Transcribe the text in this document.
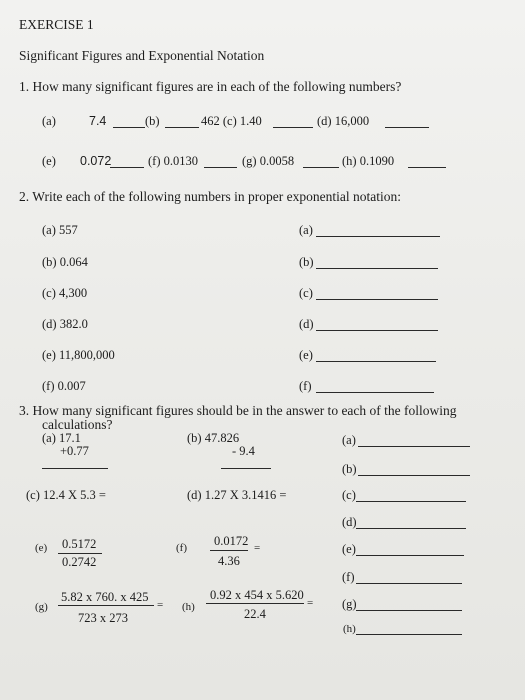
EXERCISE 1
Significant Figures and Exponential Notation
1. How many significant figures are in each of the following numbers?
(a)	7.4	(b)	462 (c) 1.40	(d) 16,000
(e) 0.072	(f) 0.0130	(g) 0.0058	(h) 0.1090
2. Write each of the following numbers in proper exponential notation:
(a) 557	(a)
(b) 0.064	(b)
(c) 4,300	(c)
(d) 382.0	(d)
(e) 11,800,000	(e)
(f) 0.007	(f)
3. How many significant figures should be in the answer to each of the following
calculations?
(a) 17.1
+0.77
(b) 47.826
- 9.4
(c) 12.4 X 5.3 =	(d) 1.27 X 3.1416 =
(e) 0.5172
0.2742
(f) 0.0172
4.36
=
(g)
5.82 x 760. x 425
723 x 273
= (h)
0.92 x 454 x 5.620
22.4
=
(a)
(b)
(c)
(d)
(e)
(f)
(g)
(h)
